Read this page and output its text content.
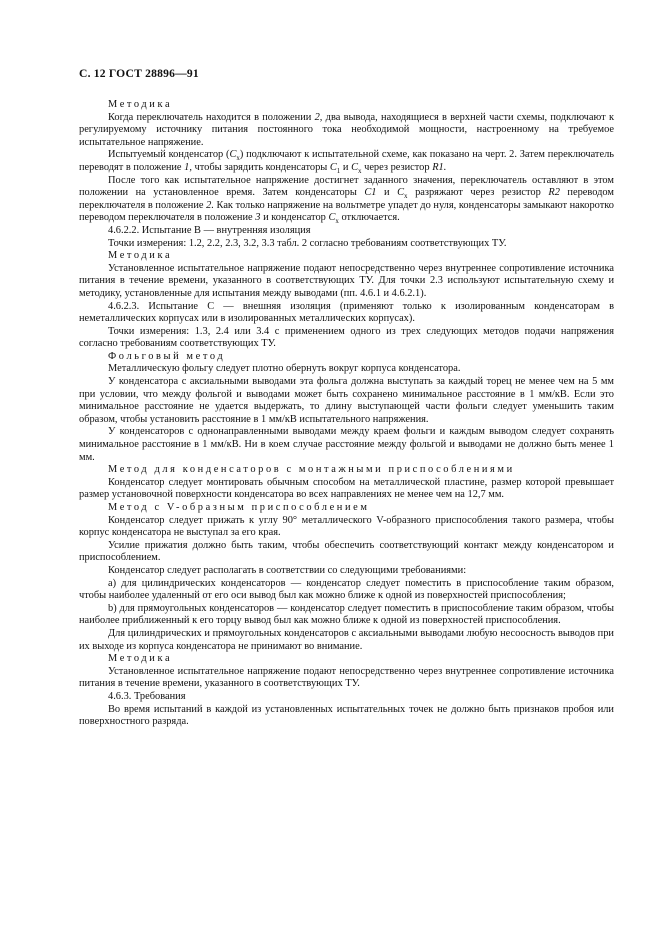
С. 12 ГОСТ 28896—91

Методика

Когда переключатель находится в положении 2, два вывода, находящиеся в верхней части схемы, подключают к регулируемому источнику питания постоянного тока необходимой мощности, настроенному на требуемое испытательное напряжение.

Испытуемый конденсатор $(С_x)$ подключают к испытательной схеме, как показано на черт. 2. Затем переключатель переводят в положение 1, чтобы зарядить конденсаторы $C_1$ и $C_x$ через резистор R1.

После того как испытательное напряжение достигнет заданного значения, переключатель оставляют в этом положении на установленное время. Затем конденсаторы C1 и $C_x$ разряжают через резистор R2 переводом переключателя в положение 2. Как только напряжение на вольтметре упадет до нуля, конденсаторы замыкают накоротко переводом переключателя в положение 3 и конденсатор $C_x$ отключается.

4.6.2.2. Испытание В — внутренняя изоляция

Точки измерения: 1.2, 2.2, 2.3, 3.2, 3.3 табл. 2 согласно требованиям соответствующих ТУ.

Методика

Установленное испытательное напряжение подают непосредственно через внутреннее сопротивление источника питания в течение времени, указанного в соответствующих ТУ. Для точки 2.3 используют испытательную схему и методику, установленные для испытания между выводами (пп. 4.6.1 и 4.6.2.1).

4.6.2.3. Испытание С — внешняя изоляция (применяют только к изолированным конденсаторам в неметаллических корпусах или в изолированных металлических корпусах).

Точки измерения: 1.3, 2.4 или 3.4 с применением одного из трех следующих методов подачи напряжения согласно требованиям соответствующих ТУ.

Фольговый метод

Металлическую фольгу следует плотно обернуть вокруг корпуса конденсатора.

У конденсатора с аксиальными выводами эта фольга должна выступать за каждый торец не менее чем на 5 мм при условии, что между фольгой и выводами может быть сохранено минимальное расстояние в 1 мм/кВ. Если это минимальное расстояние не удается выдержать, то длину выступающей части фольги следует уменьшить таким образом, чтобы установить расстояние в 1 мм/кВ испытательного напряжения.

У конденсаторов с однонаправленными выводами между краем фольги и каждым выводом следует сохранять минимальное расстояние в 1 мм/кВ. Ни в коем случае расстояние между фольгой и выводами не должно быть менее 1 мм.

Метод для конденсаторов с монтажными приспособлениями

Конденсатор следует монтировать обычным способом на металлической пластине, размер которой превышает размер установочной поверхности конденсатора во всех направлениях не менее чем на 12,7 мм.

Метод с V-образным приспособлением

Конденсатор следует прижать к углу 90° металлического V-образного приспособления такого размера, чтобы корпус конденсатора не выступал за его края.

Усилие прижатия должно быть таким, чтобы обеспечить соответствующий контакт между конденсатором и приспособлением.

Конденсатор следует располагать в соответствии со следующими требованиями:

а) для цилиндрических конденсаторов — конденсатор следует поместить в приспособление таким образом, чтобы наиболее удаленный от его оси вывод был как можно ближе к одной из поверхностей приспособления;

b) для прямоугольных конденсаторов — конденсатор следует поместить в приспособление таким образом, чтобы наиболее приближенный к его торцу вывод был как можно ближе к одной из поверхностей приспособления.

Для цилиндрических и прямоугольных конденсаторов с аксиальными выводами любую несоосность выводов при их выходе из корпуса конденсатора не принимают во внимание.

Методика

Установленное испытательное напряжение подают непосредственно через внутреннее сопротивление источника питания в течение времени, указанного в соответствующих ТУ.

4.6.3. Требования

Во время испытаний в каждой из установленных испытательных точек не должно быть признаков пробоя или поверхностного разряда.
